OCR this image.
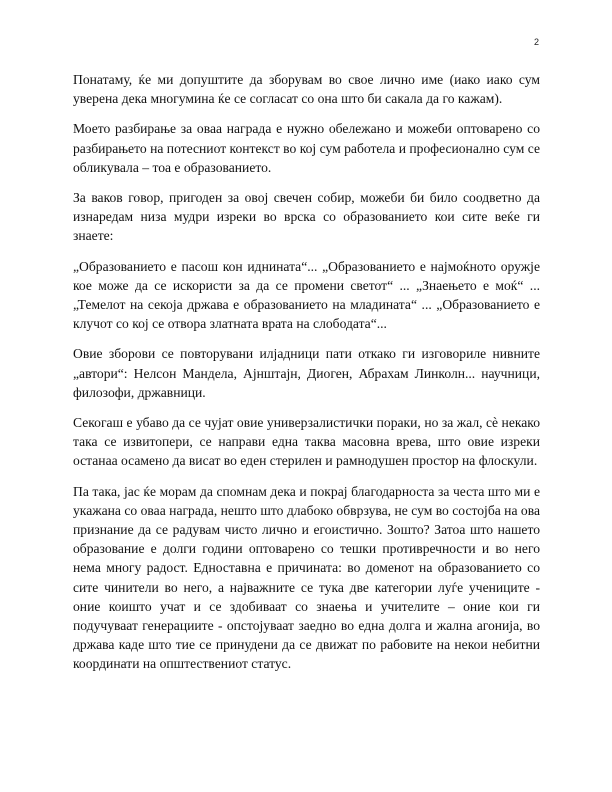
2

Понатаму, ќе ми допуштите да зборувам во свое лично име (иако иако сум уверена дека многумина ќе се согласат со она што би сакала да го кажам).

Моето разбирање за оваа награда е нужно обележано и можеби оптоварено со разбирањето на потесниот контекст во кој сум работела и професионално сум се обликувала – тоа е образованието.

За ваков говор, пригоден за овој свечен собир, можеби би било соодветно да изнаредам низа мудри изреки во врска со образованието кои сите веќе ги знаете:

„Образованието е пасош кон иднината“... „Образованието е најмоќното оружје кое може да се искористи за да се промени светот“ ... „Знаењето е моќ“ ... „Темелот на секоја држава е образованието на младината“ ... „Образованието е клучот со кој се отвора златната врата на слободата“...

Овие зборови се повторувани илјадници пати откако ги изговориле нивните „автори“: Нелсон Мандела, Ајнштајн, Диоген, Абрахам Линколн... научници, филозофи, државници.

Секогаш е убаво да се чујат овие универзалистички пораки, но за жал, сѐ некако така се извитопери, се направи една таква масовна врева, што овие изреки останаа осамено да висат во еден стерилен и рамнодушен простор на флоскули.

Па така, јас ќе морам да спомнам дека и покрај благодарноста за честа што ми е укажана со оваа награда, нешто што длабоко обврзува, не сум во состојба на ова признание да се радувам чисто лично и егоистично. Зошто? Затоа што нашето образование е долги години оптоварено со тешки противречности и во него нема многу радост. Едноставна е причината: во доменот на образованието со сите чинители во него, а најважните се тука две категории луѓе учениците - оние коишто учат и се здобиваат со знаења и учителите – оние кои ги подучуваат генерациите - опстојуваат заедно во една долга и жална агонија, во држава каде што тие се принудени да се движат по рабовите на некои небитни координати на општествениот статус.
